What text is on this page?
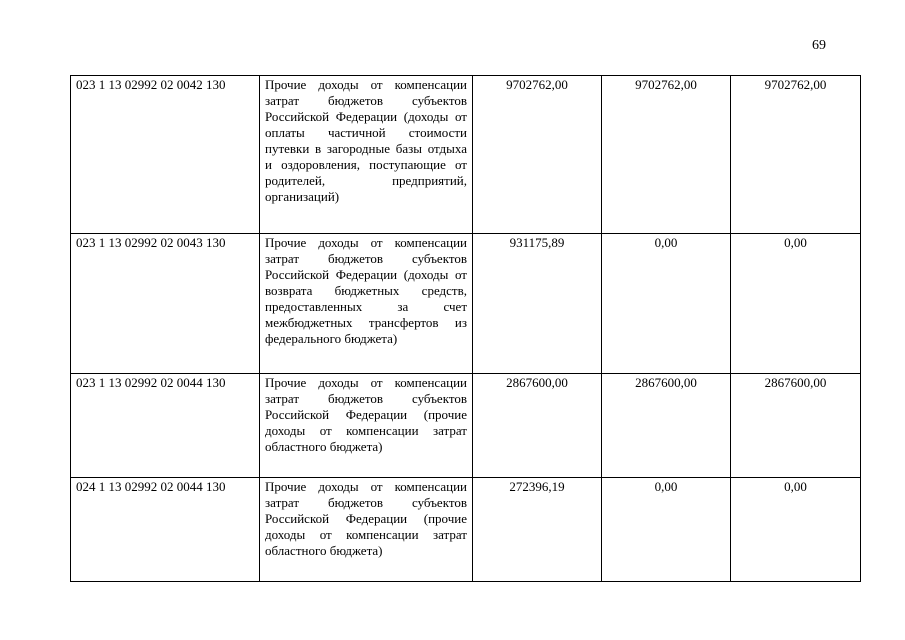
69
023 1 13 02992 02 0042 130	Прочие доходы от компенсации затрат бюджетов субъектов Российской Федерации (доходы от оплаты частичной стоимости путевки в загородные базы отдыха и оздоровления, поступающие от родителей, предприятий, организаций)	9702762,00	9702762,00	9702762,00
023 1 13 02992 02 0043 130	Прочие доходы от компенсации затрат бюджетов субъектов Российской Федерации (доходы от возврата бюджетных средств, предоставленных за счет межбюджетных трансфертов из федерального бюджета)	931175,89	0,00	0,00
023 1 13 02992 02 0044 130	Прочие доходы от компенсации затрат бюджетов субъектов Российской Федерации (прочие доходы от компенсации затрат областного бюджета)	2867600,00	2867600,00	2867600,00
024 1 13 02992 02 0044 130	Прочие доходы от компенсации затрат бюджетов субъектов Российской Федерации (прочие доходы от компенсации затрат областного бюджета)	272396,19	0,00	0,00
